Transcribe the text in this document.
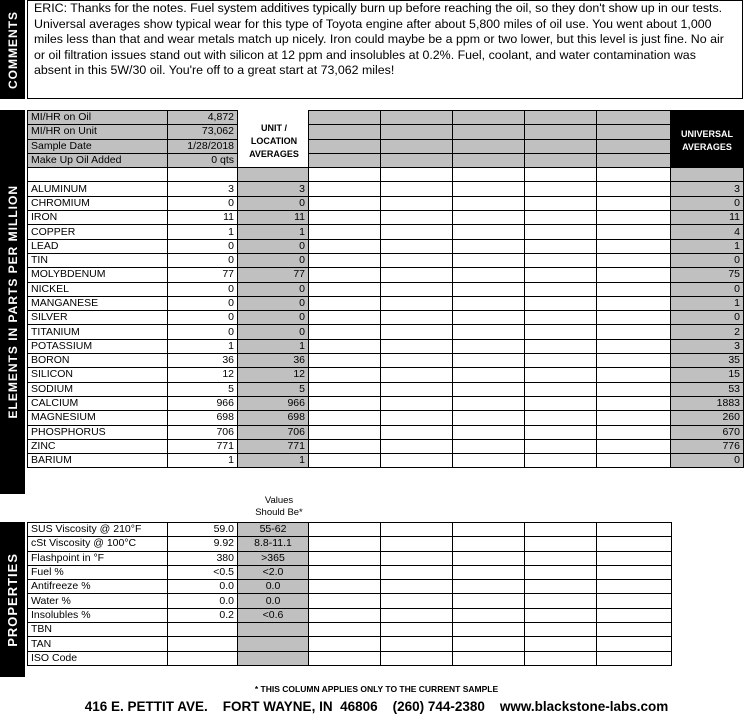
COMMENTS
ERIC: Thanks for the notes. Fuel system additives typically burn up before reaching the oil, so they don't show up in our tests. Universal averages show typical wear for this type of Toyota engine after about 5,800 miles of oil use. You went about 1,000 miles less than that and wear metals match up nicely. Iron could maybe be a ppm or two lower, but this level is just fine. No air or oil filtration issues stand out with silicon at 12 ppm and insolubles at 0.2%. Fuel, coolant, and water contamination was absent in this 5W/30 oil. You're off to a great start at 73,062 miles!
ELEMENTS IN PARTS PER MILLION
MI/HR on Oil	4,872							
MI/HR on Unit	73,062							
Sample Date	1/28/2018							
Make Up Oil Added	0 qts							

ALUMINUM	3	3						3
CHROMIUM	0	0						0
IRON	11	11						11
COPPER	1	1						4
LEAD	0	0						1
TIN	0	0						0
MOLYBDENUM	77	77						75
NICKEL	0	0						0
MANGANESE	0	0						1
SILVER	0	0						0
TITANIUM	0	0						2
POTASSIUM	1	1						3
BORON	36	36						35
SILICON	12	12						15
SODIUM	5	5						53
CALCIUM	966	966						1883
MAGNESIUM	698	698						260
PHOSPHORUS	706	706						670
ZINC	771	771						776
BARIUM	1	1						0
UNIT / LOCATION AVERAGES
UNIVERSAL AVERAGES
Values Should Be*
PROPERTIES
SUS Viscosity @ 210°F	59.0	55-62					
cSt Viscosity @ 100°C	9.92	8.8-11.1					
Flashpoint in °F	380	>365					
Fuel %	<0.5	<2.0					
Antifreeze %	0.0	0.0					
Water %	0.0	0.0					
Insolubles %	0.2	<0.6					
TBN							
TAN							
ISO Code							
* THIS COLUMN APPLIES ONLY TO THE CURRENT SAMPLE
416 E. PETTIT AVE.    FORT WAYNE, IN  46806    (260) 744-2380    www.blackstone-labs.com
